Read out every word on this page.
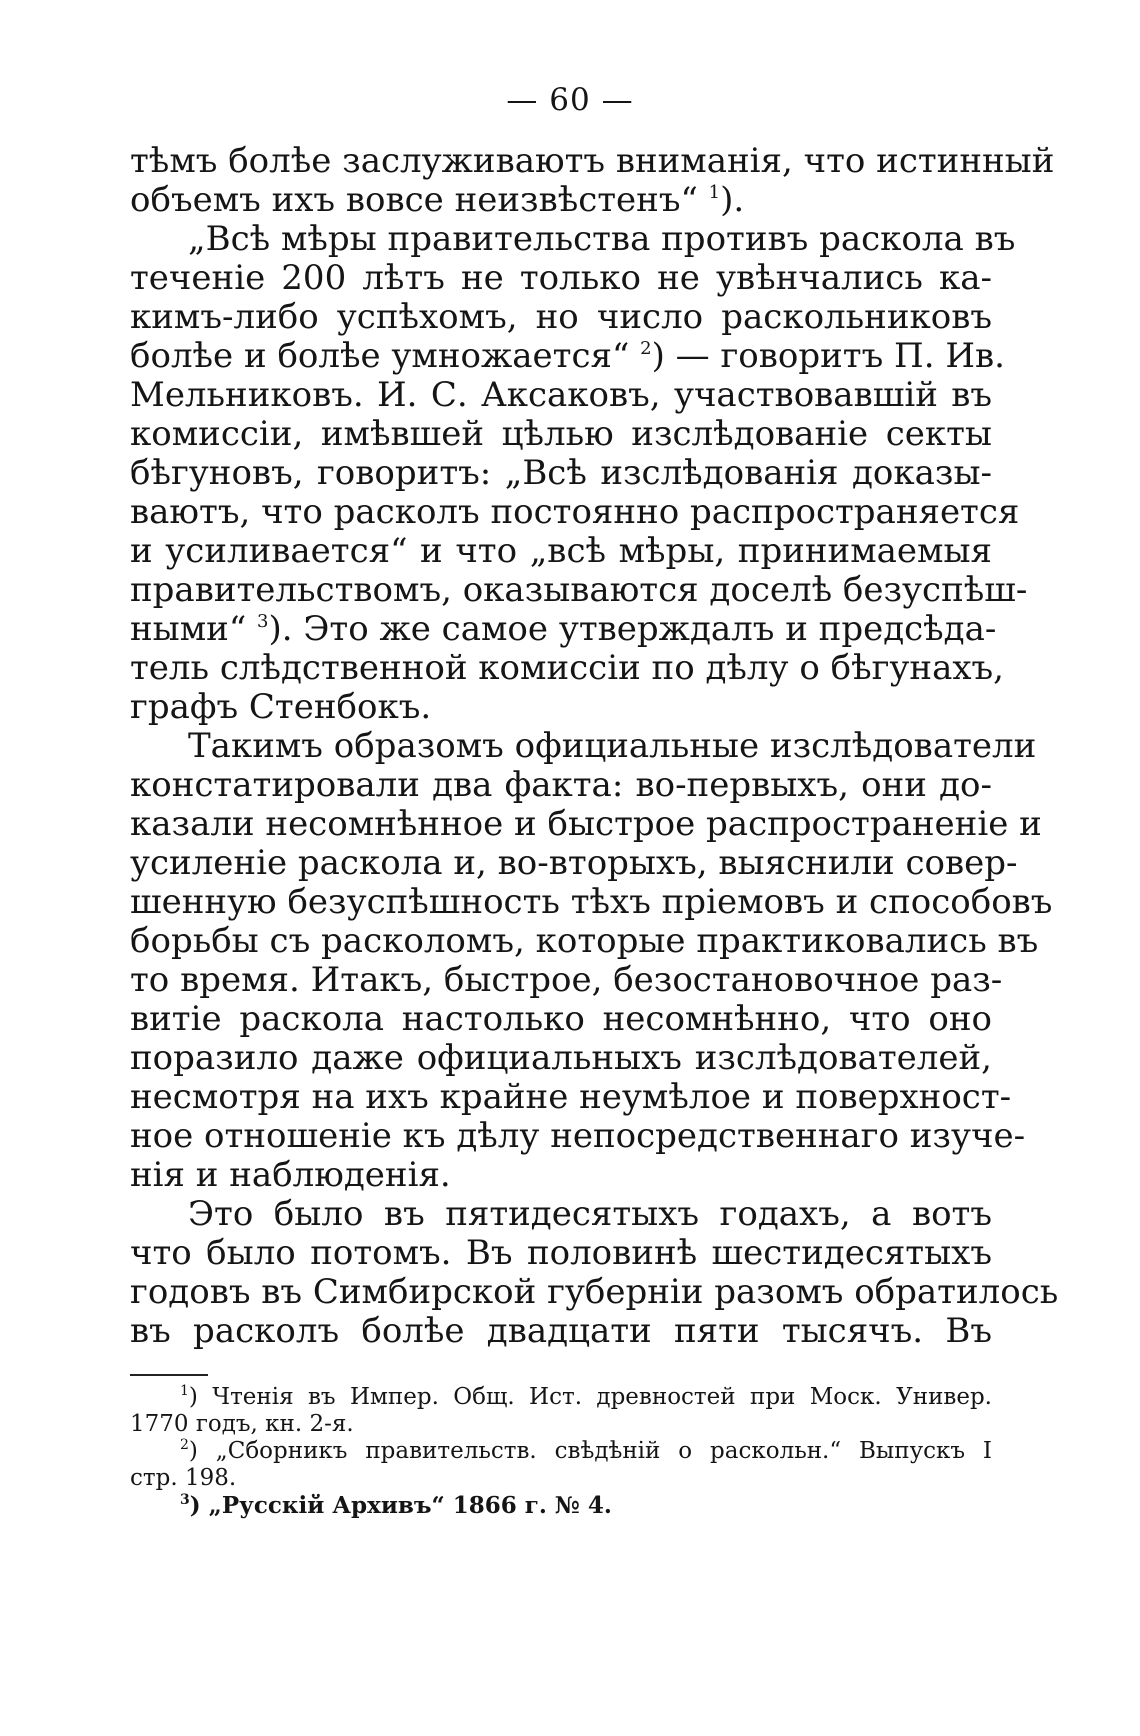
— 60 —
тѣмъ болѣе заслуживаютъ вниманія, что истинный
объемъ ихъ вовсе неизвѣстенъ“ $^1$).
„Всѣ мѣры правительства противъ раскола въ
теченіе 200 лѣтъ не только не увѣнчались ка-
кимъ-либо успѣхомъ, но число раскольниковъ
болѣе и болѣе умножается“ $^2$) — говоритъ П. Ив.
Мельниковъ. И. С. Аксаковъ, участвовавшій въ
комиссіи, имѣвшей цѣлью изслѣдованіе секты
бѣгуновъ, говоритъ: „Всѣ изслѣдованія доказы-
ваютъ, что расколъ постоянно распространяется
и усиливается“ и что „всѣ мѣры, принимаемыя
правительствомъ, оказываются доселѣ безуспѣш-
ными“ $^3$). Это же самое утверждалъ и предсѣда-
тель слѣдственной комиссіи по дѣлу о бѣгунахъ,
графъ Стенбокъ.
Такимъ образомъ официальные изслѣдователи
констатировали два факта: во-первыхъ, они до-
казали несомнѣнное и быстрое распространеніе и
усиленіе раскола и, во-вторыхъ, выяснили совер-
шенную безуспѣшность тѣхъ пріемовъ и способовъ
борьбы съ расколомъ, которые практиковались въ
то время. Итакъ, быстрое, безостановочное раз-
витіе раскола настолько несомнѣнно, что оно
поразило даже официальныхъ изслѣдователей,
несмотря на ихъ крайне неумѣлое и поверхност-
ное отношеніе къ дѣлу непосредственнаго изуче-
нія и наблюденія.
Это было въ пятидесятыхъ годахъ, а вотъ
что было потомъ. Въ половинѣ шестидесятыхъ
годовъ въ Симбирской губерніи разомъ обратилось
въ расколъ болѣе двадцати пяти тысячъ. Въ
$^1$) Чтенія въ Импер. Общ. Ист. древностей при Моск. Универ.
1770 годъ, кн. 2-я.
$^2$) „Сборникъ правительств. свѣдѣній о раскольн.“ Выпускъ I
стр. 198.
$^3$) „Русскій Архивъ“ 1866 г. № 4.
